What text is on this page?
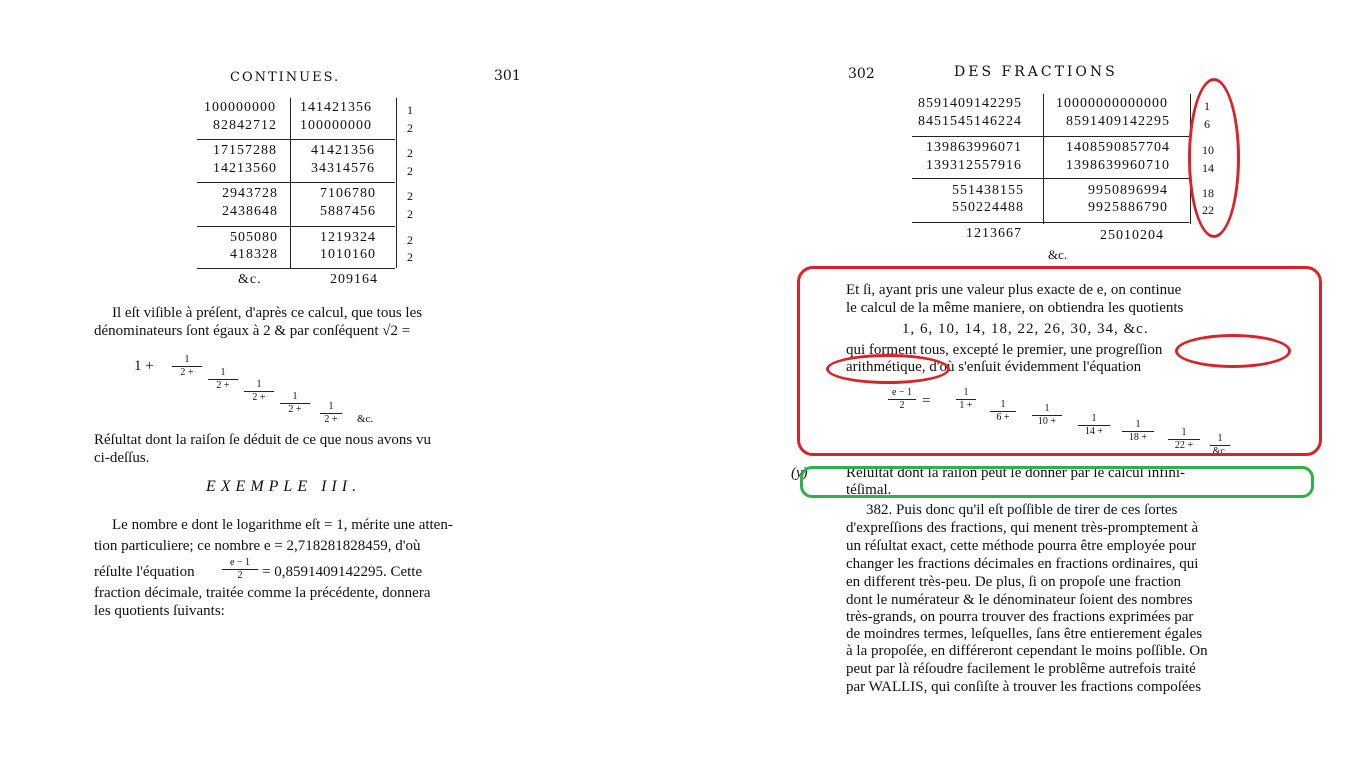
CONTINUES.	301
100000000 141421356	1
82842712 100000000	2
17157288 41421356	2
14213560 34314576	2
2943728	7106780	2
2438648	5887456	2
505080	1219324	2
418328	1010160	2
&c.	209164
Il eſt viſible à préſent, d'après ce calcul, que tous les
dénominateurs ſont égaux à 2 & par conſéquent √2 =
1 +	1
2 +	1
2 +	1
2 +	1
2 +	1
2 + &c.
Réſultat dont la raiſon ſe déduit de ce que nous avons vu
ci-deſſus.
EXEMPLE III.
Le nombre e dont le logarithme eſt = 1, mérite une atten-
tion particuliere; ce nombre e = 2,718281828459, d'où
réſulte l'équation
e − 1
2 = 0,8591409142295. Cette
fraction décimale, traitée comme la précédente, donnera
les quotients ſuivants:
302	DES FRACTIONS
8591409142295 10000000000000	1
8451545146224	8591409142295	6
139863996071	1408590857704	10
139312557916	1398639960710	14
551438155	9950896994	18
550224488	9925886790	22
1213667	25010204
&c.
Et ſi, ayant pris une valeur plus exacte de e, on continue
le calcul de la même maniere, on obtiendra les quotients
1, 6, 10, 14, 18, 22, 26, 30, 34, &c.
qui forment tous, excepté le premier, une progreſſion
arithmétique, d'où s'enſuit évidemment l'équation
e − 1
2 =
1
1 +	1
6 +
1
10 +	1
14 +
1
18 +	1
22 +
1
&c.
(y)	Réſultat dont la raiſon peut ſe donner par le calcul infini-
téſimal.
382. Puis donc qu'il eſt poſſible de tirer de ces ſortes
d'expreſſions des fractions, qui menent très-promptement à
un réſultat exact, cette méthode pourra être employée pour
changer les fractions décimales en fractions ordinaires, qui
en different très-peu. De plus, ſi on propoſe une fraction
dont le numérateur & le dénominateur ſoient des nombres
très-grands, on pourra trouver des fractions exprimées par
de moindres termes, leſquelles, ſans être entierement égales
à la propoſée, en différeront cependant le moins poſſible. On
peut par là réſoudre facilement le problême autrefois traité
par WALLIS, qui conſiſte à trouver les fractions compoſées
